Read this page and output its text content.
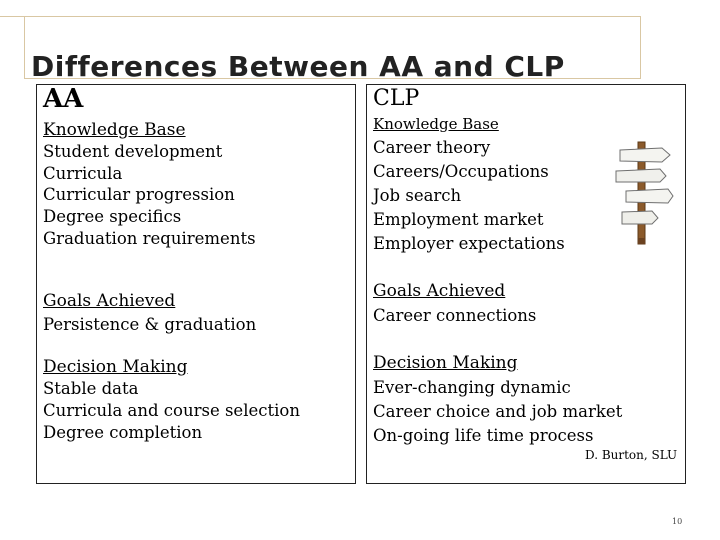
Differences Between AA and CLP
AA
Knowledge Base
Student development
Curricula
Curricular progression
Degree specifics
Graduation requirements
Goals Achieved
Persistence & graduation
Decision Making
Stable data
Curricula and course selection
Degree completion
CLP
Knowledge Base
Career theory
Careers/Occupations
Job search
Employment market
Employer expectations
Goals Achieved
Career connections
Decision Making
Ever-changing dynamic
Career choice and job market
On-going life time process
D. Burton, SLU
10
